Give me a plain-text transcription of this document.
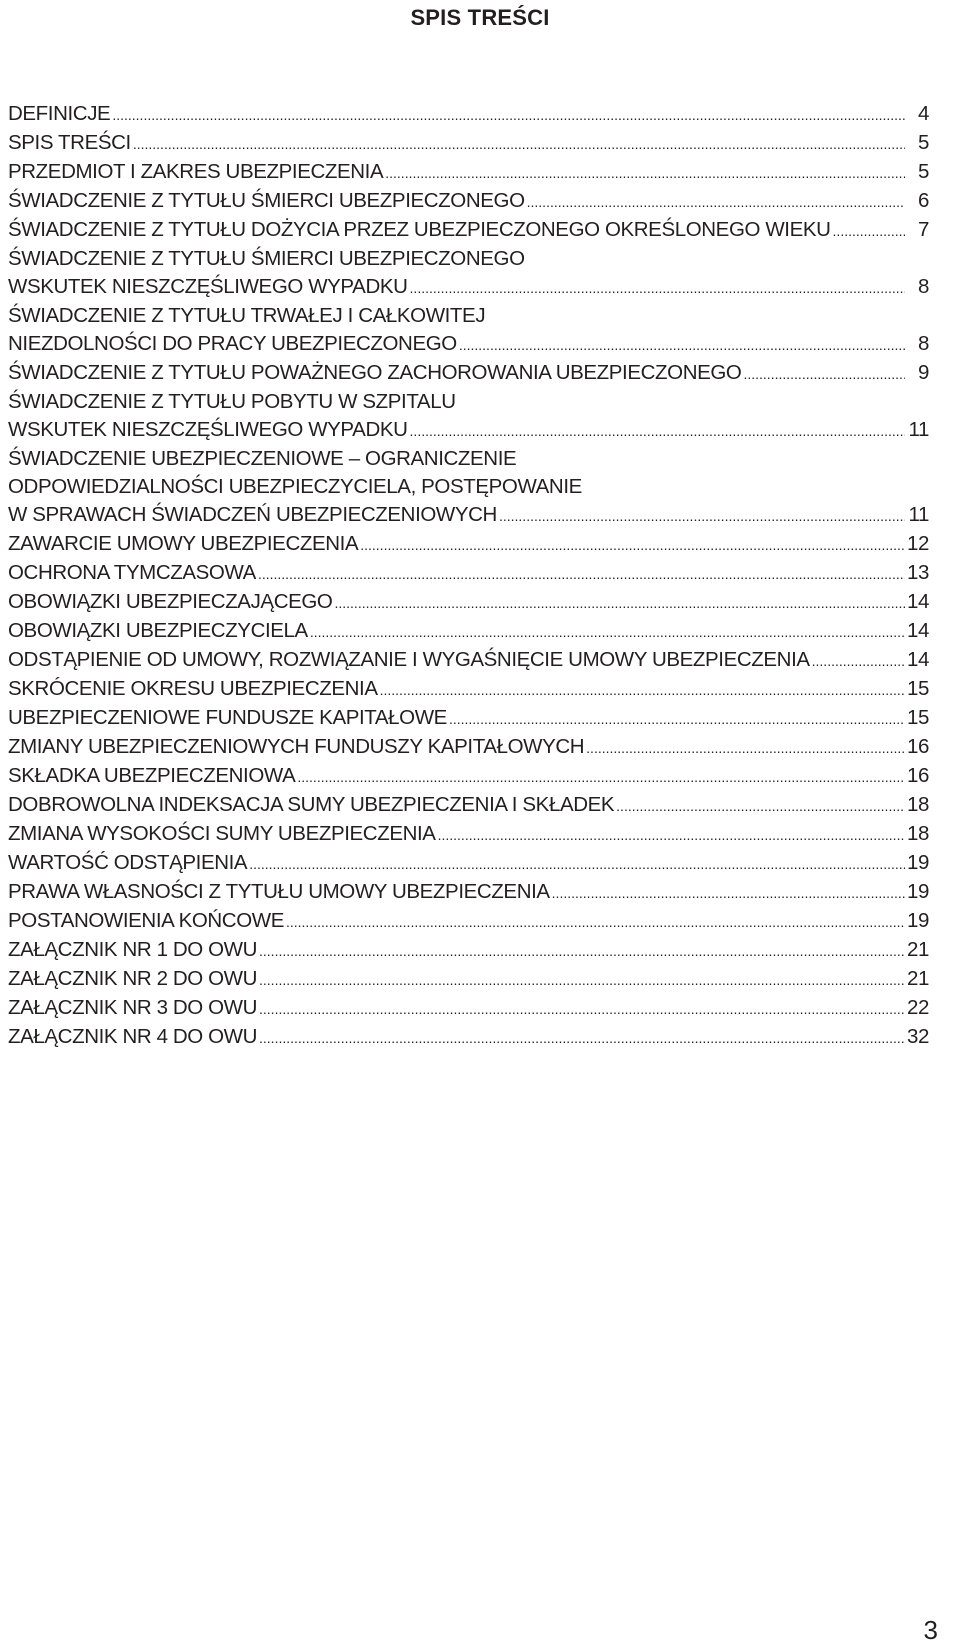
SPIS TREŚCI
DEFINICJE .....	4
SPIS TREŚCI .....	5
PRZEDMIOT I ZAKRES UBEZPIECZENIA .....	5
ŚWIADCZENIE Z TYTUŁU ŚMIERCI UBEZPIECZONEGO .....	6
ŚWIADCZENIE Z TYTUŁU DOŻYCIA PRZEZ UBEZPIECZONEGO OKREŚLONEGO WIEKU .....	7
ŚWIADCZENIE Z TYTUŁU ŚMIERCI UBEZPIECZONEGO
WSKUTEK NIESZCZĘŚLIWEGO WYPADKU .....	8
ŚWIADCZENIE Z TYTUŁU TRWAŁEJ I CAŁKOWITEJ
NIEZDOLNOŚCI DO PRACY UBEZPIECZONEGO .....	8
ŚWIADCZENIE Z TYTUŁU POWAŻNEGO ZACHOROWANIA UBEZPIECZONEGO .....	9
ŚWIADCZENIE Z TYTUŁU POBYTU W SZPITALU
WSKUTEK NIESZCZĘŚLIWEGO WYPADKU .....	11
ŚWIADCZENIE UBEZPIECZENIOWE – OGRANICZENIE
ODPOWIEDZIALNOŚCI UBEZPIECZYCIELA, POSTĘPOWANIE
W SPRAWACH ŚWIADCZEŃ UBEZPIECZENIOWYCH .....	11
ZAWARCIE UMOWY UBEZPIECZENIA .....	12
OCHRONA TYMCZASOWA .....	13
OBOWIĄZKI UBEZPIECZAJĄCEGO .....	14
OBOWIĄZKI UBEZPIECZYCIELA .....	14
ODSTĄPIENIE OD UMOWY, ROZWIĄZANIE I WYGAŚNIĘCIE UMOWY UBEZPIECZENIA .....	14
SKRÓCENIE OKRESU UBEZPIECZENIA .....	15
UBEZPIECZENIOWE FUNDUSZE KAPITAŁOWE .....	15
ZMIANY UBEZPIECZENIOWYCH FUNDUSZY KAPITAŁOWYCH .....	16
SKŁADKA UBEZPIECZENIOWA .....	16
DOBROWOLNA INDEKSACJA SUMY UBEZPIECZENIA I SKŁADEK .....	18
ZMIANA WYSOKOŚCI SUMY UBEZPIECZENIA .....	18
WARTOŚĆ ODSTĄPIENIA .....	19
PRAWA WŁASNOŚCI Z TYTUŁU UMOWY UBEZPIECZENIA .....	19
POSTANOWIENIA KOŃCOWE .....	19
ZAŁĄCZNIK NR 1 DO OWU .....	21
ZAŁĄCZNIK NR 2 DO OWU .....	21
ZAŁĄCZNIK NR 3 DO OWU .....	22
ZAŁĄCZNIK NR 4 DO OWU .....	32
3
